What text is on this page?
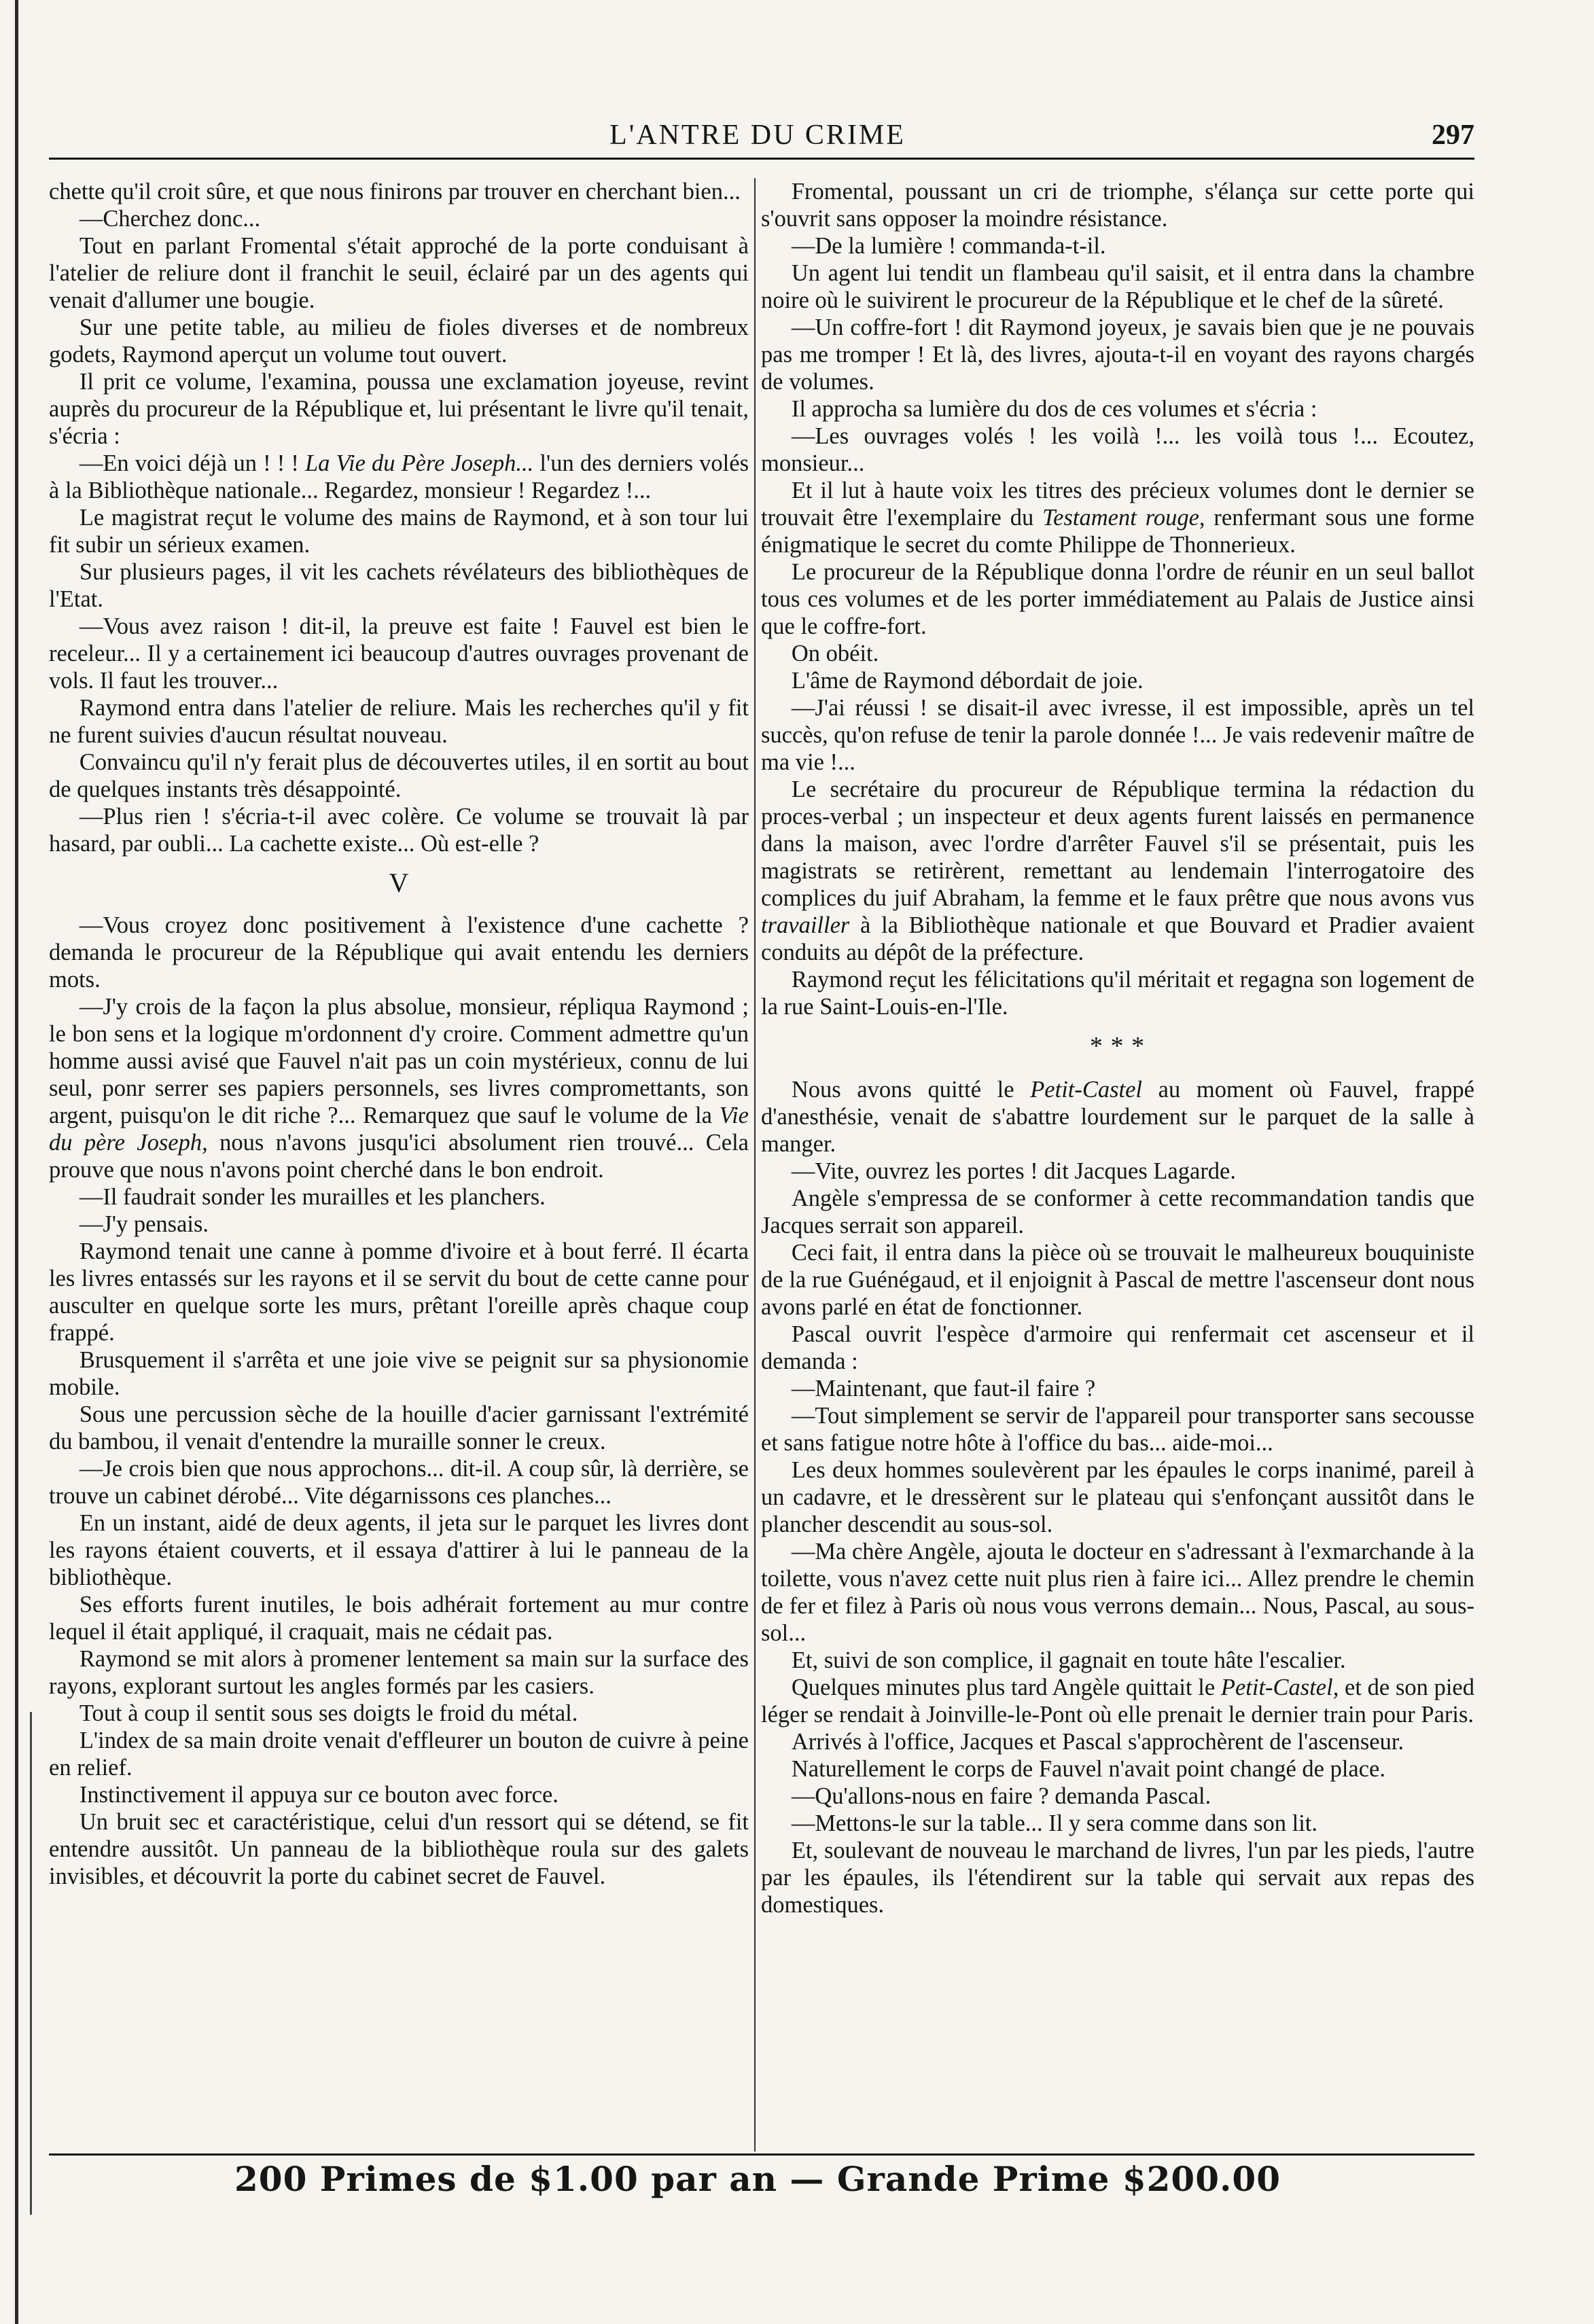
L'ANTRE DU CRIME	297

chette qu'il croit sûre, et que nous finirons par trouver en cherchant bien...

—Cherchez donc...

Tout en parlant Fromental s'était approché de la porte conduisant à l'atelier de reliure dont il franchit le seuil, éclairé par un des agents qui venait d'allumer une bougie.

Sur une petite table, au milieu de fioles diverses et de nombreux godets, Raymond aperçut un volume tout ouvert.

Il prit ce volume, l'examina, poussa une exclamation joyeuse, revint auprès du procureur de la République et, lui présentant le livre qu'il tenait, s'écria :

—En voici déjà un ! ! ! La Vie du Père Joseph... l'un des derniers volés à la Bibliothèque nationale... Regardez, monsieur ! Regardez !...

Le magistrat reçut le volume des mains de Raymond, et à son tour lui fit subir un sérieux examen.

Sur plusieurs pages, il vit les cachets révélateurs des bibliothèques de l'Etat.

—Vous avez raison ! dit-il, la preuve est faite ! Fauvel est bien le receleur... Il y a certainement ici beaucoup d'autres ouvrages provenant de vols. Il faut les trouver...

Raymond entra dans l'atelier de reliure. Mais les recherches qu'il y fit ne furent suivies d'aucun résultat nouveau.

Convaincu qu'il n'y ferait plus de découvertes utiles, il en sortit au bout de quelques instants très désappointé.

—Plus rien ! s'écria-t-il avec colère. Ce volume se trouvait là par hasard, par oubli... La cachette existe... Où est-elle ?

V

—Vous croyez donc positivement à l'existence d'une cachette ? demanda le procureur de la République qui avait entendu les derniers mots.

—J'y crois de la façon la plus absolue, monsieur, répliqua Raymond ; le bon sens et la logique m'ordonnent d'y croire. Comment admettre qu'un homme aussi avisé que Fauvel n'ait pas un coin mystérieux, connu de lui seul, ponr serrer ses papiers personnels, ses livres compromettants, son argent, puisqu'on le dit riche ?... Remarquez que sauf le volume de la Vie du père Joseph, nous n'avons jusqu'ici absolument rien trouvé... Cela prouve que nous n'avons point cherché dans le bon endroit.

—Il faudrait sonder les murailles et les planchers.

—J'y pensais.

Raymond tenait une canne à pomme d'ivoire et à bout ferré. Il écarta les livres entassés sur les rayons et il se servit du bout de cette canne pour ausculter en quelque sorte les murs, prêtant l'oreille après chaque coup frappé.

Brusquement il s'arrêta et une joie vive se peignit sur sa physionomie mobile.

Sous une percussion sèche de la houille d'acier garnissant l'extrémité du bambou, il venait d'entendre la muraille sonner le creux.

—Je crois bien que nous approchons... dit-il. A coup sûr, là derrière, se trouve un cabinet dérobé... Vite dégarnissons ces planches...

En un instant, aidé de deux agents, il jeta sur le parquet les livres dont les rayons étaient couverts, et il essaya d'attirer à lui le panneau de la bibliothèque.

Ses efforts furent inutiles, le bois adhérait fortement au mur contre lequel il était appliqué, il craquait, mais ne cédait pas.

Raymond se mit alors à promener lentement sa main sur la surface des rayons, explorant surtout les angles formés par les casiers.

Tout à coup il sentit sous ses doigts le froid du métal.

L'index de sa main droite venait d'effleurer un bouton de cuivre à peine en relief.

Instinctivement il appuya sur ce bouton avec force.

Un bruit sec et caractéristique, celui d'un ressort qui se détend, se fit entendre aussitôt. Un panneau de la bibliothèque roula sur des galets invisibles, et découvrit la porte du cabinet secret de Fauvel.

Fromental, poussant un cri de triomphe, s'élança sur cette porte qui s'ouvrit sans opposer la moindre résistance.

—De la lumière ! commanda-t-il.

Un agent lui tendit un flambeau qu'il saisit, et il entra dans la chambre noire où le suivirent le procureur de la République et le chef de la sûreté.

—Un coffre-fort ! dit Raymond joyeux, je savais bien que je ne pouvais pas me tromper ! Et là, des livres, ajouta-t-il en voyant des rayons chargés de volumes.

Il approcha sa lumière du dos de ces volumes et s'écria :

—Les ouvrages volés ! les voilà !... les voilà tous !... Ecoutez, monsieur...

Et il lut à haute voix les titres des précieux volumes dont le dernier se trouvait être l'exemplaire du Testament rouge, renfermant sous une forme énigmatique le secret du comte Philippe de Thonnerieux.

Le procureur de la République donna l'ordre de réunir en un seul ballot tous ces volumes et de les porter immédiatement au Palais de Justice ainsi que le coffre-fort.

On obéit.

L'âme de Raymond débordait de joie.

—J'ai réussi ! se disait-il avec ivresse, il est impossible, après un tel succès, qu'on refuse de tenir la parole donnée !... Je vais redevenir maître de ma vie !...

Le secrétaire du procureur de République termina la rédaction du proces-verbal ; un inspecteur et deux agents furent laissés en permanence dans la maison, avec l'ordre d'arrêter Fauvel s'il se présentait, puis les magistrats se retirèrent, remettant au lendemain l'interrogatoire des complices du juif Abraham, la femme et le faux prêtre que nous avons vus travailler à la Bibliothèque nationale et que Bouvard et Pradier avaient conduits au dépôt de la préfecture.

Raymond reçut les félicitations qu'il méritait et regagna son logement de la rue Saint-Louis-en-l'Ile.

* * *

Nous avons quitté le Petit-Castel au moment où Fauvel, frappé d'anesthésie, venait de s'abattre lourdement sur le parquet de la salle à manger.

—Vite, ouvrez les portes ! dit Jacques Lagarde.

Angèle s'empressa de se conformer à cette recommandation tandis que Jacques serrait son appareil.

Ceci fait, il entra dans la pièce où se trouvait le malheureux bouquiniste de la rue Guénégaud, et il enjoignit à Pascal de mettre l'ascenseur dont nous avons parlé en état de fonctionner.

Pascal ouvrit l'espèce d'armoire qui renfermait cet ascenseur et il demanda :

—Maintenant, que faut-il faire ?

—Tout simplement se servir de l'appareil pour transporter sans secousse et sans fatigue notre hôte à l'office du bas... aide-moi...

Les deux hommes soulevèrent par les épaules le corps inanimé, pareil à un cadavre, et le dressèrent sur le plateau qui s'enfonçant aussitôt dans le plancher descendit au sous-sol.

—Ma chère Angèle, ajouta le docteur en s'adressant à l'exmarchande à la toilette, vous n'avez cette nuit plus rien à faire ici... Allez prendre le chemin de fer et filez à Paris où nous vous verrons demain... Nous, Pascal, au sous-sol...

Et, suivi de son complice, il gagnait en toute hâte l'escalier.

Quelques minutes plus tard Angèle quittait le Petit-Castel, et de son pied léger se rendait à Joinville-le-Pont où elle prenait le dernier train pour Paris.

Arrivés à l'office, Jacques et Pascal s'approchèrent de l'ascenseur.

Naturellement le corps de Fauvel n'avait point changé de place.

—Qu'allons-nous en faire ? demanda Pascal.

—Mettons-le sur la table... Il y sera comme dans son lit.

Et, soulevant de nouveau le marchand de livres, l'un par les pieds, l'autre par les épaules, ils l'étendirent sur la table qui servait aux repas des domestiques.

200 Primes de $1.00 par an — Grande Prime $200.00
